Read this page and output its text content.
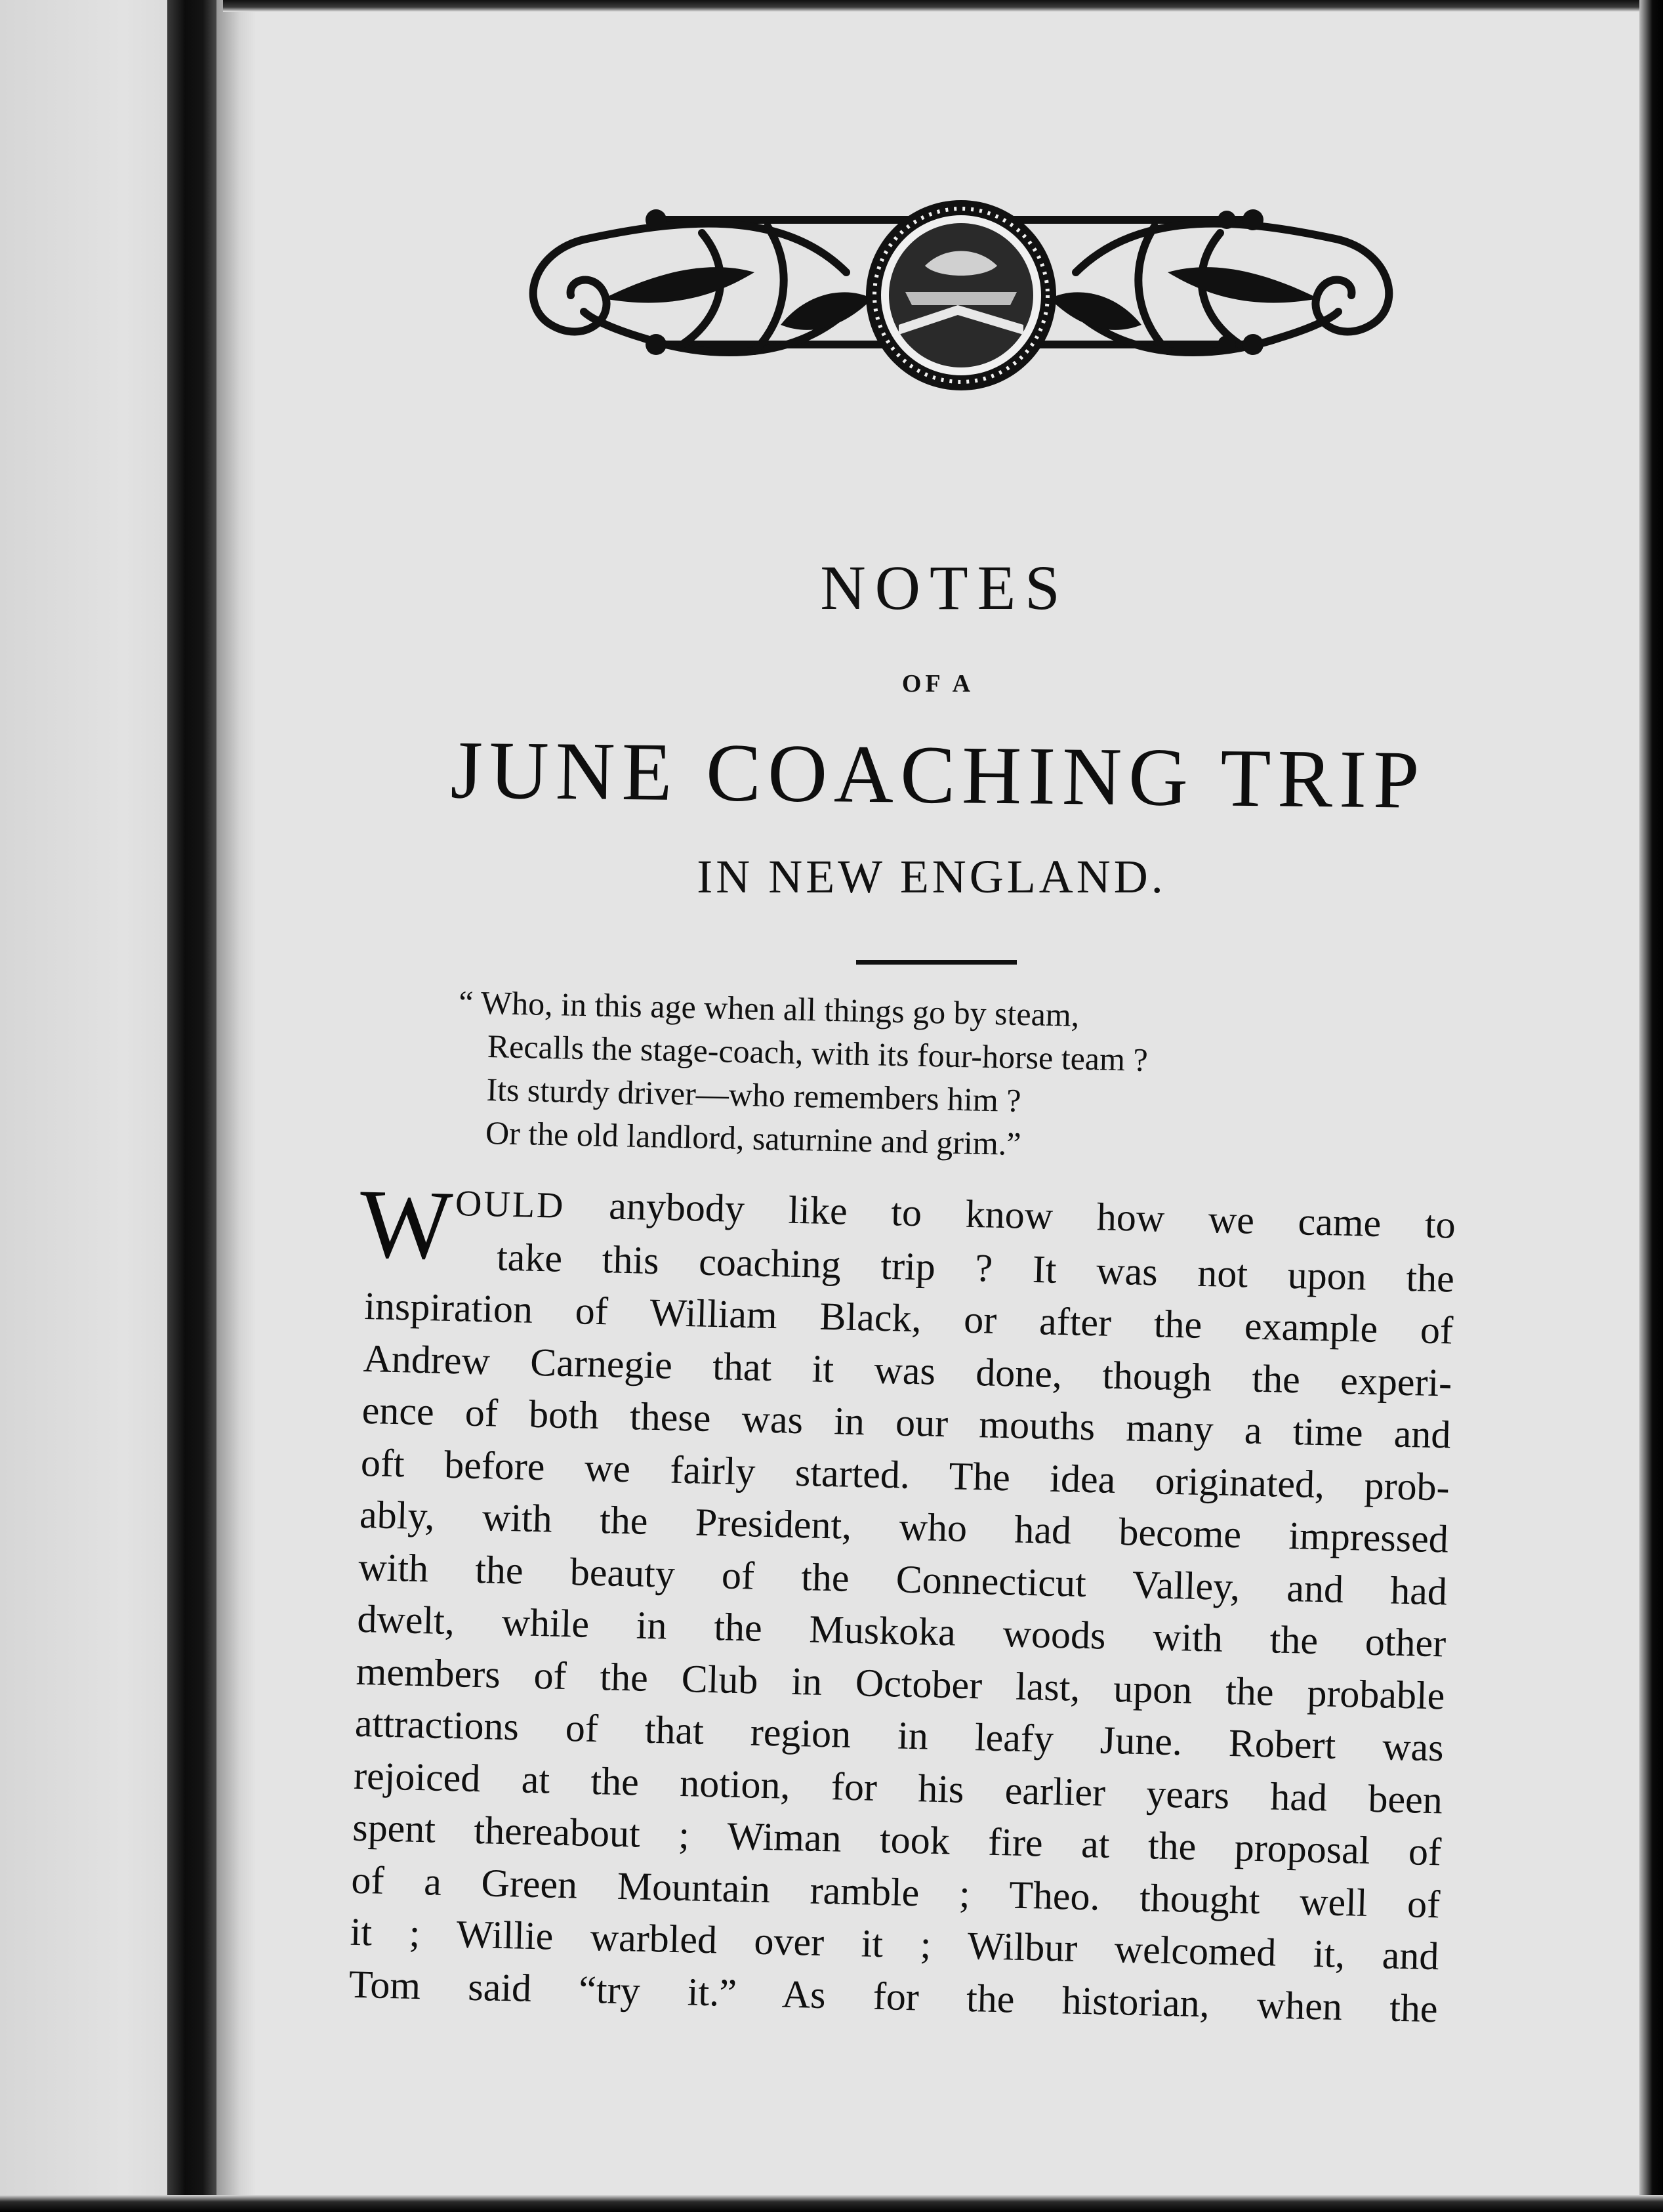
NOTES
OF A
JUNE COACHING TRIP
IN NEW ENGLAND.
“ Who, in this age when all things go by steam,
Recalls the stage-coach, with its four-horse team ?
Its sturdy driver—who remembers him ?
Or the old landlord, saturnine and grim.”
W OULD anybody like to know how we came to
take this coaching trip ? It was not upon the
inspiration of William Black, or after the example of
Andrew Carnegie that it was done, though the experi-
ence of both these was in our mouths many a time and
oft before we fairly started. The idea originated, prob-
ably, with the President, who had become impressed
with the beauty of the Connecticut Valley, and had
dwelt, while in the Muskoka woods with the other
members of the Club in October last, upon the probable
attractions of that region in leafy June. Robert was
rejoiced at the notion, for his earlier years had been
spent thereabout ; Wiman took fire at the proposal of
of a Green Mountain ramble ; Theo. thought well of
it ; Willie warbled over it ; Wilbur welcomed it, and
Tom said “try it.” As for the historian, when the
